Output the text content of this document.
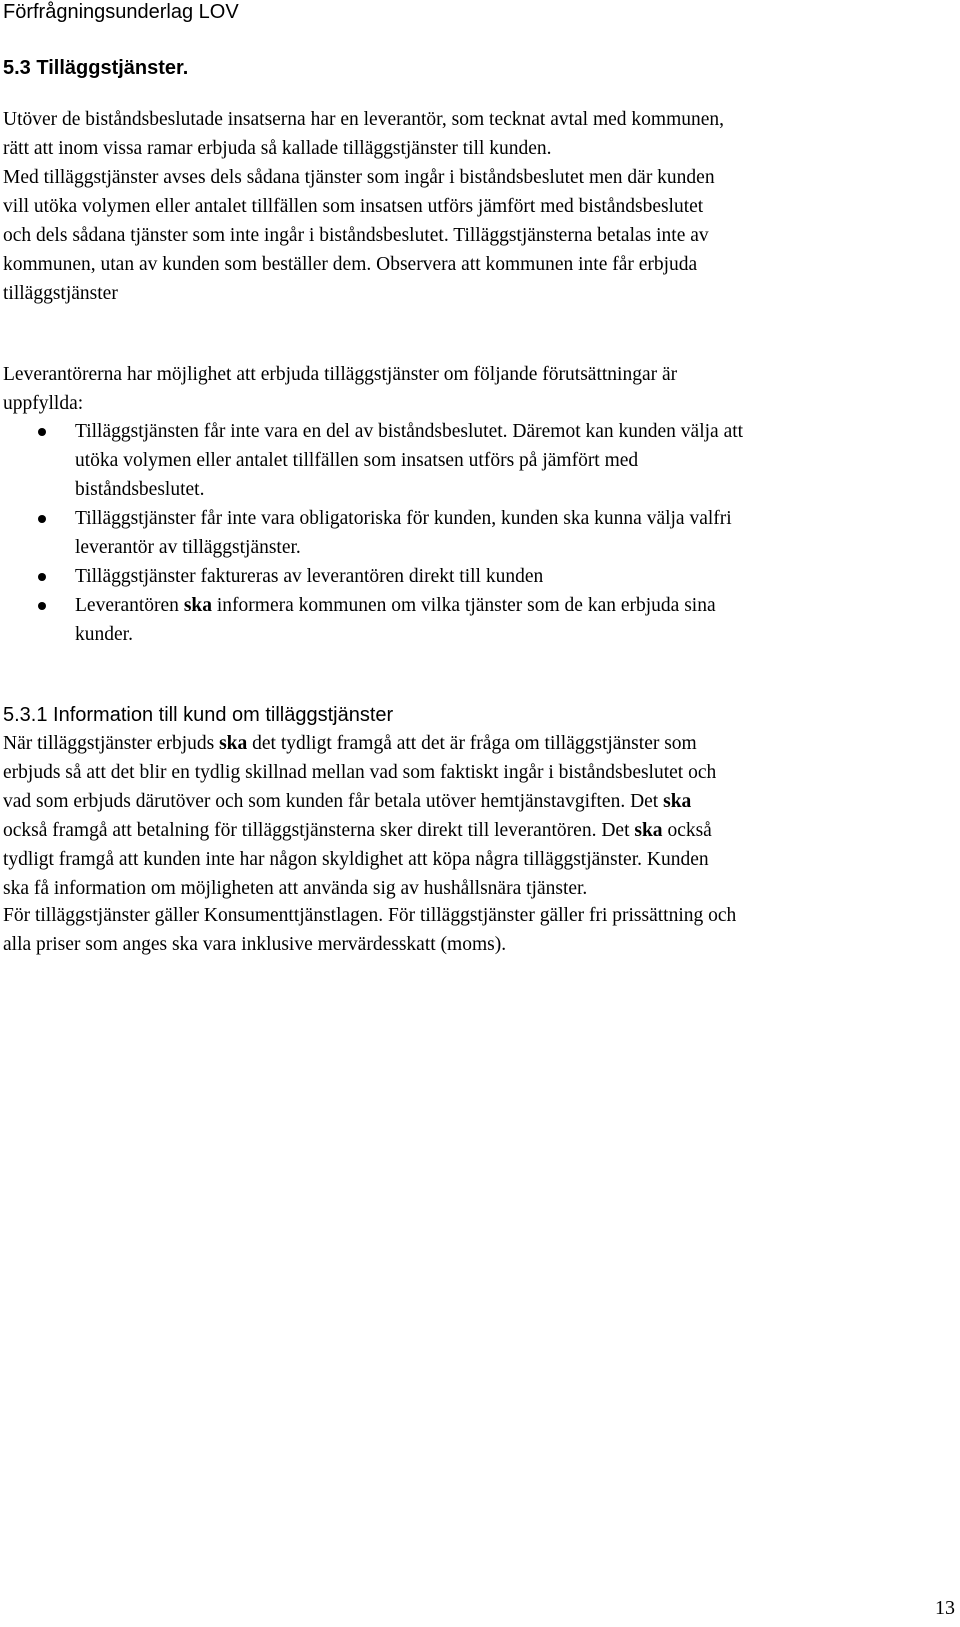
Förfrågningsunderlag LOV
5.3 Tilläggstjänster.
Utöver de biståndsbeslutade insatserna har en leverantör, som tecknat avtal med kommunen,
rätt att inom vissa ramar erbjuda så kallade tilläggstjänster till kunden.
Med tilläggstjänster avses dels sådana tjänster som ingår i biståndsbeslutet men där kunden
vill utöka volymen eller antalet tillfällen som insatsen utförs jämfört med biståndsbeslutet
och dels sådana tjänster som inte ingår i biståndsbeslutet. Tilläggstjänsterna betalas inte av
kommunen, utan av kunden som beställer dem. Observera att kommunen inte får erbjuda
tilläggstjänster
Leverantörerna har möjlighet att erbjuda tilläggstjänster om följande förutsättningar är
uppfyllda:
Tilläggstjänsten får inte vara en del av biståndsbeslutet. Däremot kan kunden välja att
utöka volymen eller antalet tillfällen som insatsen utförs på jämfört med
biståndsbeslutet.
Tilläggstjänster får inte vara obligatoriska för kunden, kunden ska kunna välja valfri
leverantör av tilläggstjänster.
Tilläggstjänster faktureras av leverantören direkt till kunden
Leverantören ska informera kommunen om vilka tjänster som de kan erbjuda sina
kunder.
5.3.1 Information till kund om tilläggstjänster
När tilläggstjänster erbjuds ska det tydligt framgå att det är fråga om tilläggstjänster som
erbjuds så att det blir en tydlig skillnad mellan vad som faktiskt ingår i biståndsbeslutet och
vad som erbjuds därutöver och som kunden får betala utöver hemtjänstavgiften. Det ska
också framgå att betalning för tilläggstjänsterna sker direkt till leverantören. Det ska också
tydligt framgå att kunden inte har någon skyldighet att köpa några tilläggstjänster. Kunden
ska få information om möjligheten att använda sig av hushållsnära tjänster.
För tilläggstjänster gäller Konsumenttjänstlagen. För tilläggstjänster gäller fri prissättning och
alla priser som anges ska vara inklusive mervärdesskatt (moms).
13
